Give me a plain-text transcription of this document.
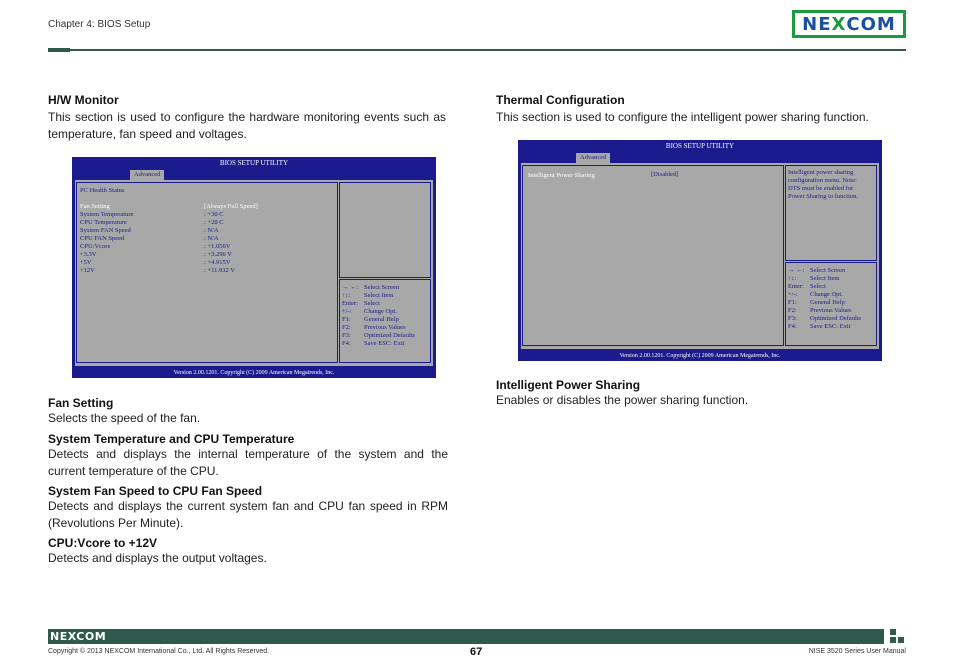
Chapter 4: BIOS Setup	NE X COM
H/W Monitor
This section is used to configure the hardware monitoring events such as temperature, fan speed and voltages.
BIOS SETUP UTILITY
Advanced
PC Health Status
Fan Setting	[Always Full Speed]
System Temperature	: +30 C
CPU Temperature	: +28 C
System FAN Speed	: N/A
CPU FAN Speed	: N/A
CPU:Vcore	: +1.056V
+3.3V	: +3.296 V
+5V	: +4.915V
+12V	: +11.932 V
→ ←: Select Screen
↑↓:	Select Item
Enter: Select
+/-:	Change Opt.
F1:	General Help
F2:	Previous Values
F3:	Optimized Defaults
F4:	Save ESC: Exit
Version 2.00.1201. Copyright (C) 2009 American Megatrends, Inc.
Fan Setting
Selects the speed of the fan.
System Temperature and CPU Temperature
Detects and displays the internal temperature of the system and the current temperature of the CPU.
System Fan Speed to CPU Fan Speed
Detects and displays the current system fan and CPU fan speed in RPM (Revolutions Per Minute).
CPU:Vcore to +12V
Detects and displays the output voltages.
Thermal Configuration
This section is used to configure the intelligent power sharing function.
BIOS SETUP UTILITY
Advanced
Intelligent Power Sharing	[Disabled]	Intelligent power sharing
configuration menu. Note:
DTS must be enabled for
Power Sharing to function.
→ ←: Select Screen
↑↓:	Select Item
Enter: Select
+/-:	Change Opt.
F1:	General Help
F2:	Previous Values
F3:	Optimized Defaults
F4:	Save ESC: Exit
Version 2.00.1201. Copyright (C) 2009 American Megatrends, Inc.
Intelligent Power Sharing
Enables or disables the power sharing function.
NEXCOM
Copyright © 2013 NEXCOM International Co., Ltd. All Rights Reserved.	67	NISE 3520 Series User Manual
